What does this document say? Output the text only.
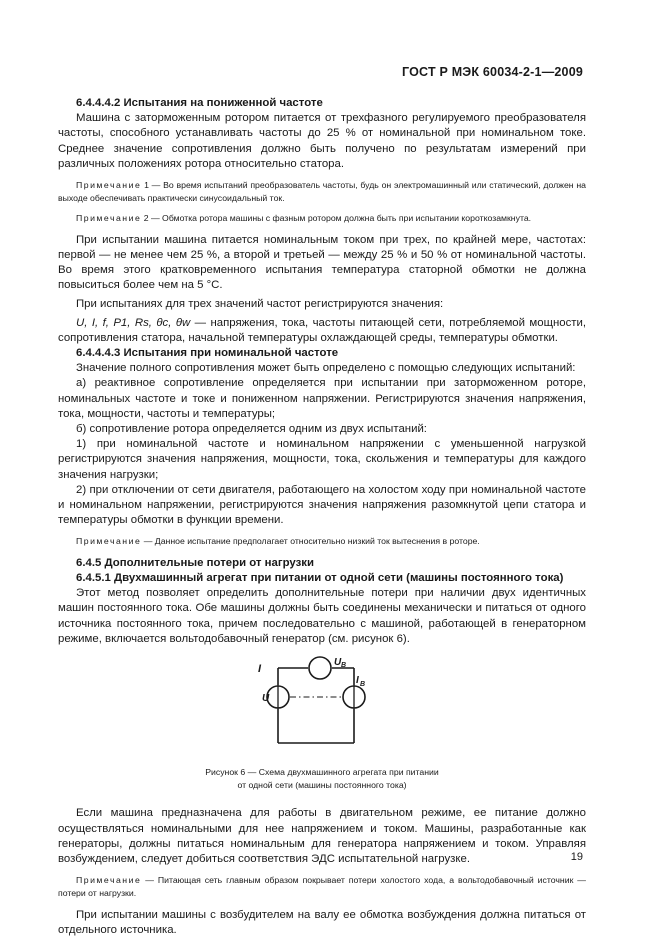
ГОСТ Р МЭК 60034-2-1—2009

6.4.4.4.2 Испытания на пониженной частоте

Машина с заторможенным ротором питается от трехфазного регулируемого преобразователя частоты, способного устанавливать частоты до 25 % от номинальной при номинальном токе. Среднее значение сопротивления должно быть получено по результатам измерений при различных положениях ротора относительно статора.

Примечание 1 — Во время испытаний преобразователь частоты, будь он электромашинный или статический, должен на выходе обеспечивать практически синусоидальный ток.

Примечание 2 — Обмотка ротора машины с фазным ротором должна быть при испытании короткозамкнута.

При испытании машина питается номинальным током при трех, по крайней мере, частотах: первой — не менее чем 25 %, а второй и третьей — между 25 % и 50 % от номинальной частоты. Во время этого кратковременного испытания температура статорной обмотки не должна повыситься более чем на 5 °С.

При испытаниях для трех значений частот регистрируются значения:

U, I, f, P1, Rs, θc, θw — напряжения, тока, частоты питающей сети, потребляемой мощности, сопротивления статора, начальной температуры охлаждающей среды, температуры обмотки.

6.4.4.4.3 Испытания при номинальной частоте

Значение полного сопротивления может быть определено с помощью следующих испытаний:

а) реактивное сопротивление определяется при испытании при заторможенном роторе, номинальных частоте и токе и пониженном напряжении. Регистрируются значения напряжения, тока, мощности, частоты и температуры;

б) сопротивление ротора определяется одним из двух испытаний:

1) при номинальной частоте и номинальном напряжении с уменьшенной нагрузкой регистрируются значения напряжения, мощности, тока, скольжения и температуры для каждого значения нагрузки;

2) при отключении от сети двигателя, работающего на холостом ходу при номинальной частоте и номинальном напряжении, регистрируются значения напряжения разомкнутой цепи статора и температуры обмотки в функции времени.

Примечание — Данное испытание предполагает относительно низкий ток вытеснения в роторе.

6.4.5 Дополнительные потери от нагрузки

6.4.5.1 Двухмашинный агрегат при питании от одной сети (машины постоянного тока)

Этот метод позволяет определить дополнительные потери при наличии двух идентичных машин постоянного тока. Обе машины должны быть соединены механически и питаться от одного источника постоянного тока, причем последовательно с машиной, работающей в генераторном режиме, включается вольтодобавочный генератор (см. рисунок 6).

I
U B
I B
U
Рисунок 6 — Схема двухмашинного агрегата при питании
от одной сети (машины постоянного тока)

Если машина предназначена для работы в двигательном режиме, ее питание должно осуществляться номинальными для нее напряжением и током. Машины, разработанные как генераторы, должны питаться номинальным для генератора напряжением и током. Управляя возбуждением, следует добиться соответствия ЭДС испытательной нагрузке.

Примечание — Питающая сеть главным образом покрывает потери холостого хода, а вольтодобавочный источник — потери от нагрузки.

При испытании машины с возбудителем на валу ее обмотка возбуждения должна питаться от отдельного источника.

19
